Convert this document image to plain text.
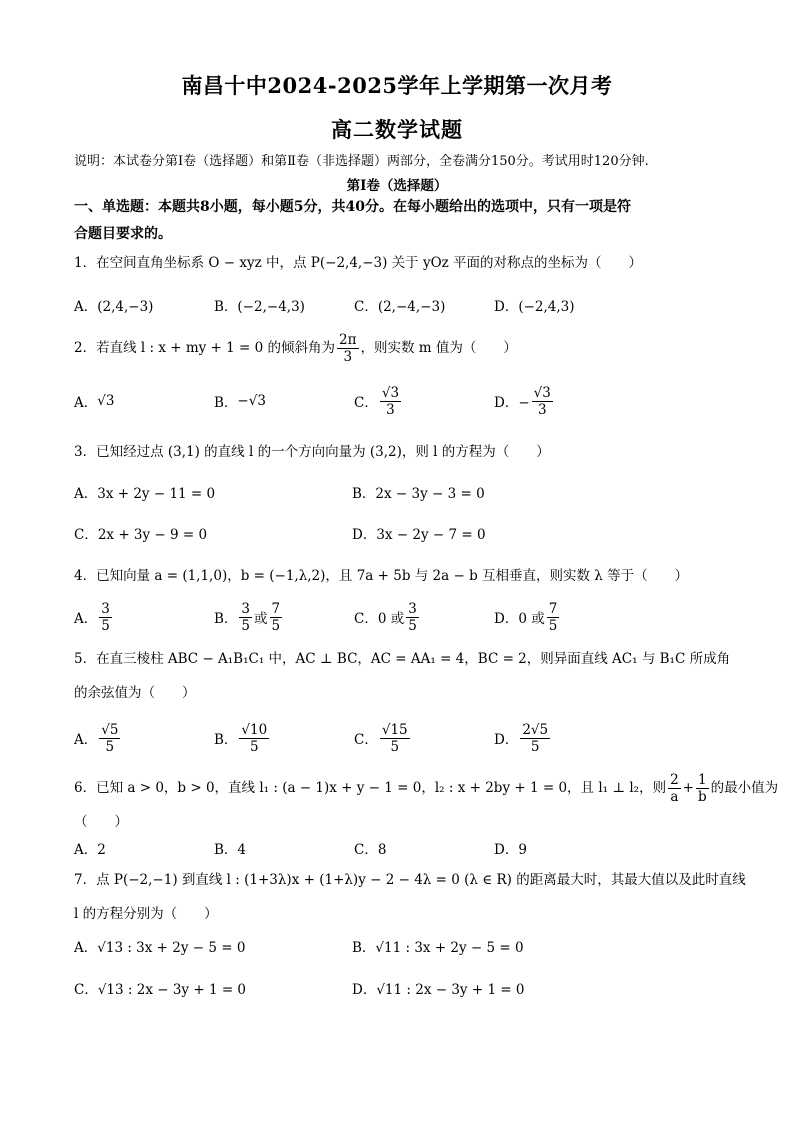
南昌十中2024-2025学年上学期第一次月考
高二数学试题
说明：本试卷分第Ⅰ卷（选择题）和第Ⅱ卷（非选择题）两部分，全卷满分150分。考试用时120分钟.
第Ⅰ卷（选择题）
一、单选题：本题共8小题，每小题5分，共40分。在每小题给出的选项中，只有一项是符
合题目要求的。
1．在空间直角坐标系 O − xyz 中，点 P(−2,4,−3) 关于 yOz 平面的对称点的坐标为（　　）
A．(2,4,−3)	B．(−2,−4,3)	C．(2,−4,−3)	D．(−2,4,3)
2．若直线 l : x + my + 1 = 0 的倾斜角为 $\frac{2\pi}{3}$ ，则实数 m 值为（　　）
A． √3	B． −√3	C． $\frac{√3}{3}$	D．− $\frac{√3}{3}$
3．已知经过点 (3,1) 的直线 l 的一个方向向量为 (3,2)，则 l 的方程为（　　）
A．3x + 2y − 11 = 0	B．2x − 3y − 3 = 0
C．2x + 3y − 9 = 0	D．3x − 2y − 7 = 0
4．已知向量 a = (1,1,0)，b = (−1,λ,2)，且 7a + 5b 与 2a − b 互相垂直，则实数 λ 等于（　　）
A． $\frac{3}{5}$	B． $\frac{3}{5}$ 或 $\frac{7}{5}$	C．0 或 $\frac{3}{5}$	D．0 或 $\frac{7}{5}$
5．在直三棱柱 ABC − A₁B₁C₁ 中，AC ⊥ BC，AC = AA₁ = 4，BC = 2，则异面直线 AC₁ 与 B₁C 所成角
的余弦值为（　　）
A． $\frac{√5}{5}$	B． $\frac{√10}{5}$	C． $\frac{√15}{5}$	D． $\frac{2√5}{5}$
6．已知 a > 0，b > 0，直线 l₁ : (a − 1)x + y − 1 = 0，l₂ : x + 2by + 1 = 0，且 l₁ ⊥ l₂，则 $\frac{2}{a} + \frac{1}{b}$ 的最小值为
（　　）
A．2	B．4	C．8	D．9
7．点 P(−2,−1) 到直线 l : (1+3λ)x + (1+λ)y − 2 − 4λ = 0 (λ ∈ R) 的距离最大时，其最大值以及此时直线
l 的方程分别为（　　）
A．√13 : 3x + 2y − 5 = 0	B．√11 : 3x + 2y − 5 = 0
C．√13 : 2x − 3y + 1 = 0	D．√11 : 2x − 3y + 1 = 0
